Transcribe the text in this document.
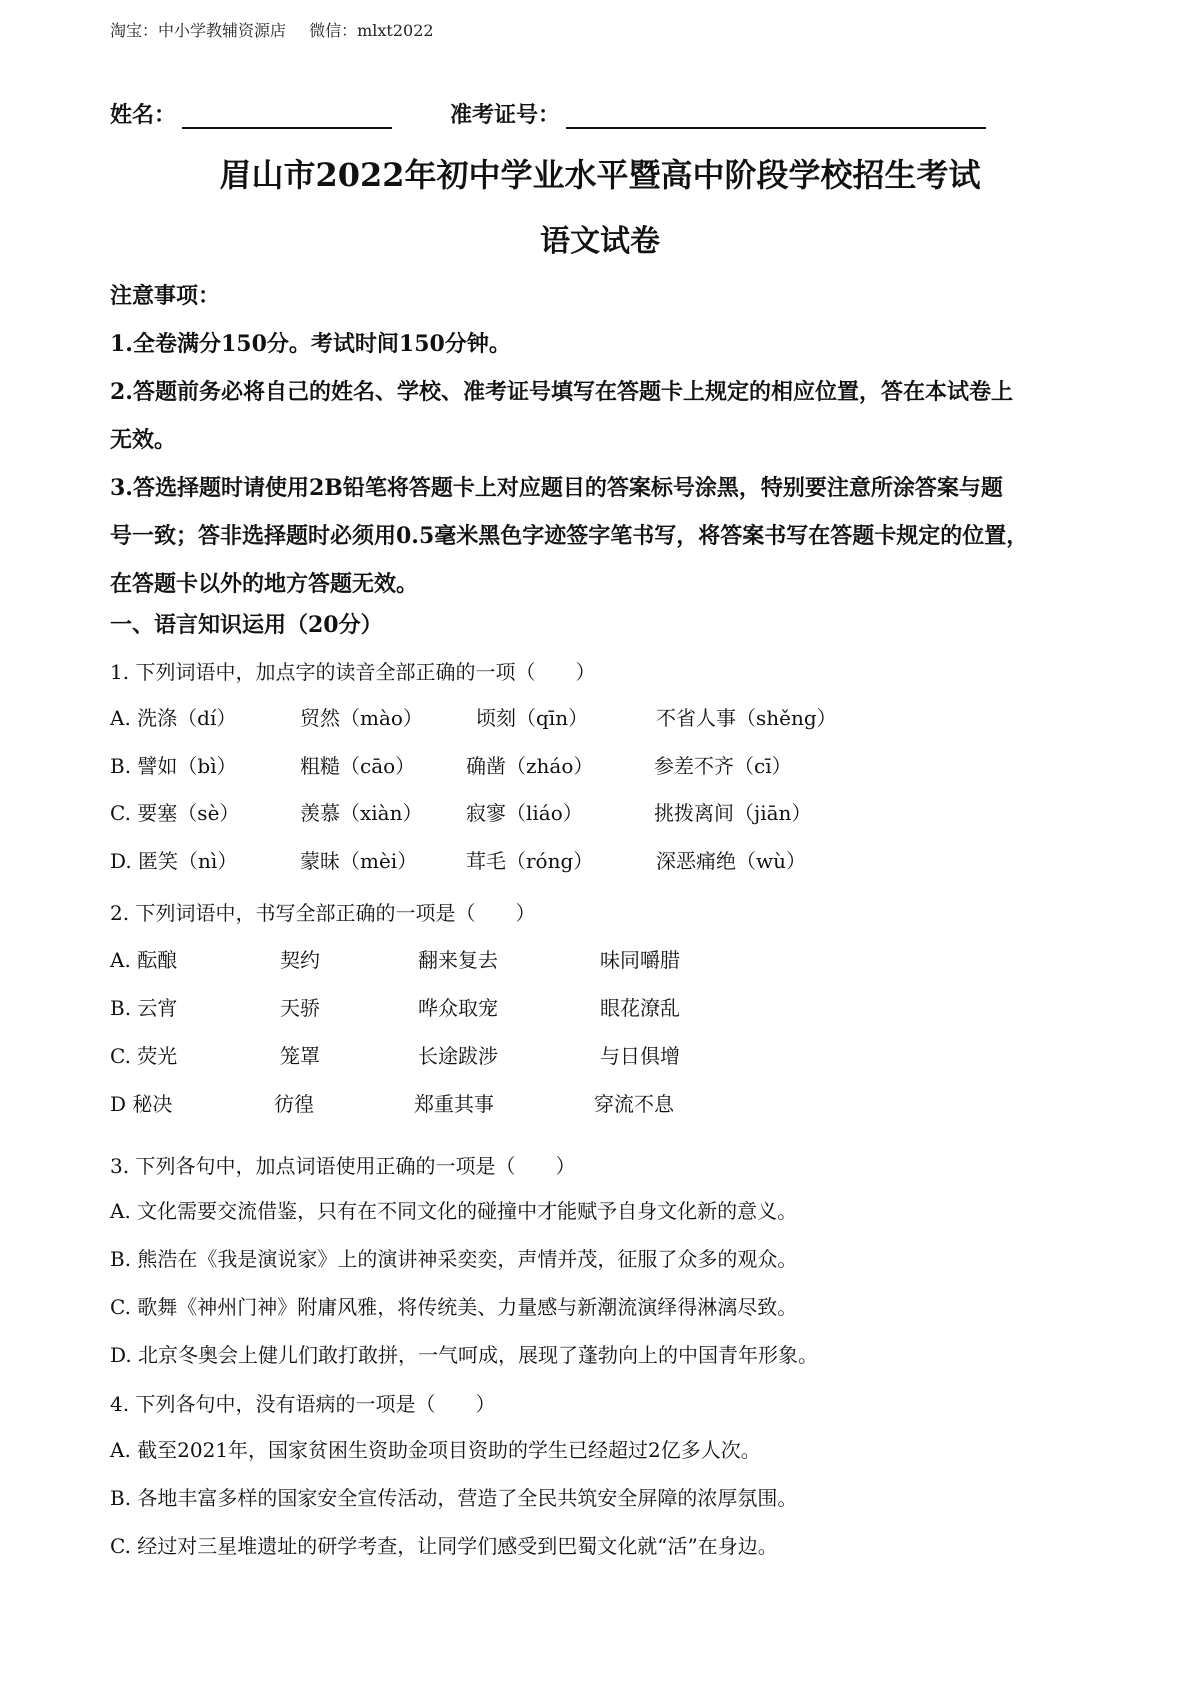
淘宝：中小学教辅资源店 微信：mlxt2022
姓名：	准考证号：
眉山市2022年初中学业水平暨高中阶段学校招生考试
语文试卷
注意事项：
1.全卷满分150分。考试时间150分钟。
2.答题前务必将自己的姓名、学校、准考证号填写在答题卡上规定的相应位置，答在本试卷上
无效。
3.答选择题时请使用2B铅笔将答题卡上对应题目的答案标号涂黑，特别要注意所涂答案与题
号一致；答非选择题时必须用0.5毫米黑色字迹签字笔书写，将答案书写在答题卡规定的位置，
在答题卡以外的地方答题无效。
一、语言知识运用（20分）
1. 下列词语中，加点字的读音全部正确的一项（　　）
A. 洗涤（dí）	贸然（mào）	顷刻（qīn）	不省人事（shěng）
B. 譬如（bì）	粗糙（cāo）	确凿（zháo）	参差不齐（cī）
C. 要塞（sè）	羡慕（xiàn） 寂寥（liáo）	挑拨离间（jiān）
D. 匿笑（nì）	蒙昧（mèi） 茸毛（róng）	深恶痛绝（wù）
2. 下列词语中，书写全部正确的一项是（　　）
A. 酝酿	契约	翻来复去	味同嚼腊
B. 云宵	天骄	哗众取宠	眼花潦乱
C. 荧光	笼罩	长途跋涉	与日俱增
D 秘决	彷徨	郑重其事	穿流不息
3. 下列各句中，加点词语使用正确的一项是（　　）
A. 文化需要交流借鉴，只有在不同文化的碰撞中才能赋予自身文化新的意义。
B. 熊浩在《我是演说家》上的演讲神采奕奕，声情并茂，征服了众多的观众。
C. 歌舞《神州门神》附庸风雅，将传统美、力量感与新潮流演绎得淋漓尽致。
D. 北京冬奥会上健儿们敢打敢拼，一气呵成，展现了蓬勃向上的中国青年形象。
4. 下列各句中，没有语病的一项是（　　）
A. 截至2021年，国家贫困生资助金项目资助的学生已经超过2亿多人次。
B. 各地丰富多样的国家安全宣传活动，营造了全民共筑安全屏障的浓厚氛围。
C. 经过对三星堆遗址的研学考查，让同学们感受到巴蜀文化就“活”在身边。
